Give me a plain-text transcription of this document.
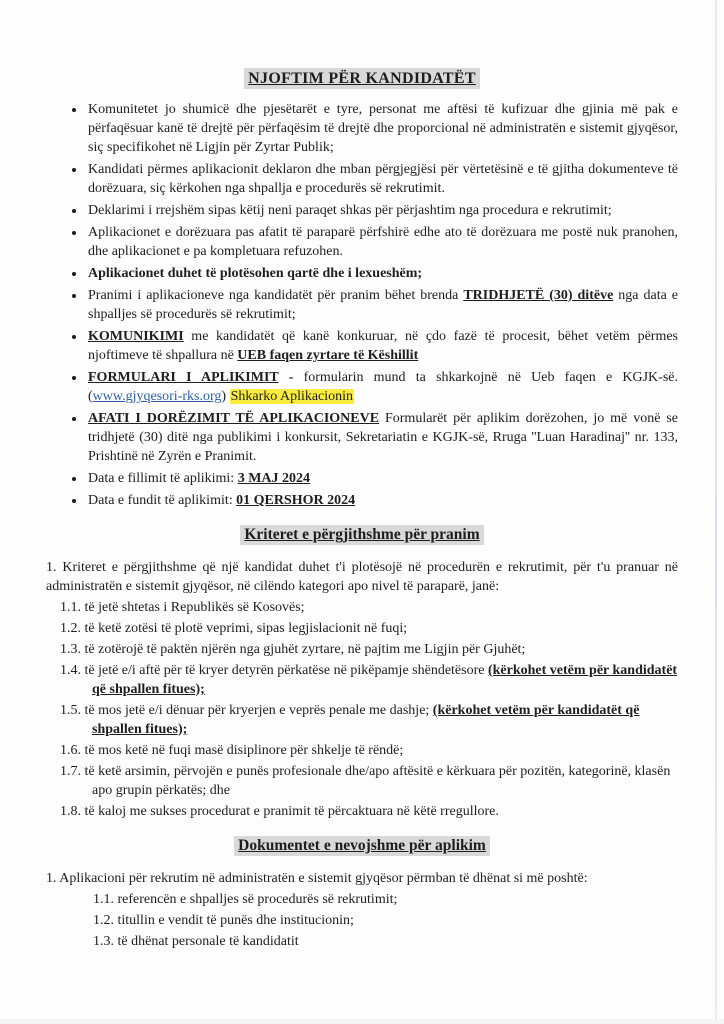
NJOFTIM PËR KANDIDATËT
• Komunitetet jo shumicë dhe pjesëtarët e tyre, personat me aftësi të kufizuar dhe gjinia më pak e përfaqësuar kanë të drejtë për përfaqësim të drejtë dhe proporcional në administratën e sistemit gjyqësor, siç specifikohet në Ligjin për Zyrtar Publik;
• Kandidati përmes aplikacionit deklaron dhe mban përgjegjësi për vërtetësinë e të gjitha dokumenteve të dorëzuara, siç kërkohen nga shpallja e procedurës së rekrutimit.
• Deklarimi i rrejshëm sipas këtij neni paraqet shkas për përjashtim nga procedura e rekrutimit;
• Aplikacionet e dorëzuara pas afatit të paraparë përfshirë edhe ato të dorëzuara me postë nuk pranohen, dhe aplikacionet e pa kompletuara refuzohen.
• Aplikacionet duhet të plotësohen qartë dhe i lexueshëm;
• Pranimi i aplikacioneve nga kandidatët për pranim bëhet brenda TRIDHJETË (30) ditëve nga data e shpalljes së procedurës së rekrutimit;
• KOMUNIKIMI me kandidatët që kanë konkuruar, në çdo fazë të procesit, bëhet vetëm përmes njoftimeve të shpallura në UEB faqen zyrtare të Këshillit
• FORMULARI I APLIKIMIT - formularin mund ta shkarkojnë në Ueb faqen e KGJK-së. (www.gjyqesori-rks.org) Shkarko Aplikacionin
• AFATI I DORËZIMIT TË APLIKACIONEVE Formularët për aplikim dorëzohen, jo më vonë se tridhjetë (30) ditë nga publikimi i konkursit, Sekretariatin e KGJK-së, Rruga ''Luan Haradinaj'' nr. 133, Prishtinë në Zyrën e Pranimit.
• Data e fillimit të aplikimi: 3 MAJ 2024
• Data e fundit të aplikimit: 01 QERSHOR 2024
Kriteret e përgjithshme për pranim

1. Kriteret e përgjithshme që një kandidat duhet t'i plotësojë në procedurën e rekrutimit, për t'u pranuar në administratën e sistemit gjyqësor, në cilëndo kategori apo nivel të paraparë, janë:

1.1. të jetë shtetas i Republikës së Kosovës;
1.2. të ketë zotësi të plotë veprimi, sipas legjislacionit në fuqi;
1.3. të zotërojë të paktën njërën nga gjuhët zyrtare, në pajtim me Ligjin për Gjuhët;
1.4. të jetë e/i aftë për të kryer detyrën përkatëse në pikëpamje shëndetësore (kërkohet vetëm për kandidatët që shpallen fitues);
1.5. të mos jetë e/i dënuar për kryerjen e veprës penale me dashje; (kërkohet vetëm për kandidatët që shpallen fitues);
1.6. të mos ketë në fuqi masë disiplinore për shkelje të rëndë;
1.7. të ketë arsimin, përvojën e punës profesionale dhe/apo aftësitë e kërkuara për pozitën, kategorinë, klasën apo grupin përkatës; dhe
1.8. të kaloj me sukses procedurat e pranimit të përcaktuara në këtë rregullore.
Dokumentet e nevojshme për aplikim

1. Aplikacioni për rekrutim në administratën e sistemit gjyqësor përmban të dhënat si më poshtë:

1.1. referencën e shpalljes së procedurës së rekrutimit;
1.2. titullin e vendit të punës dhe institucionin;
1.3. të dhënat personale të kandidatit
